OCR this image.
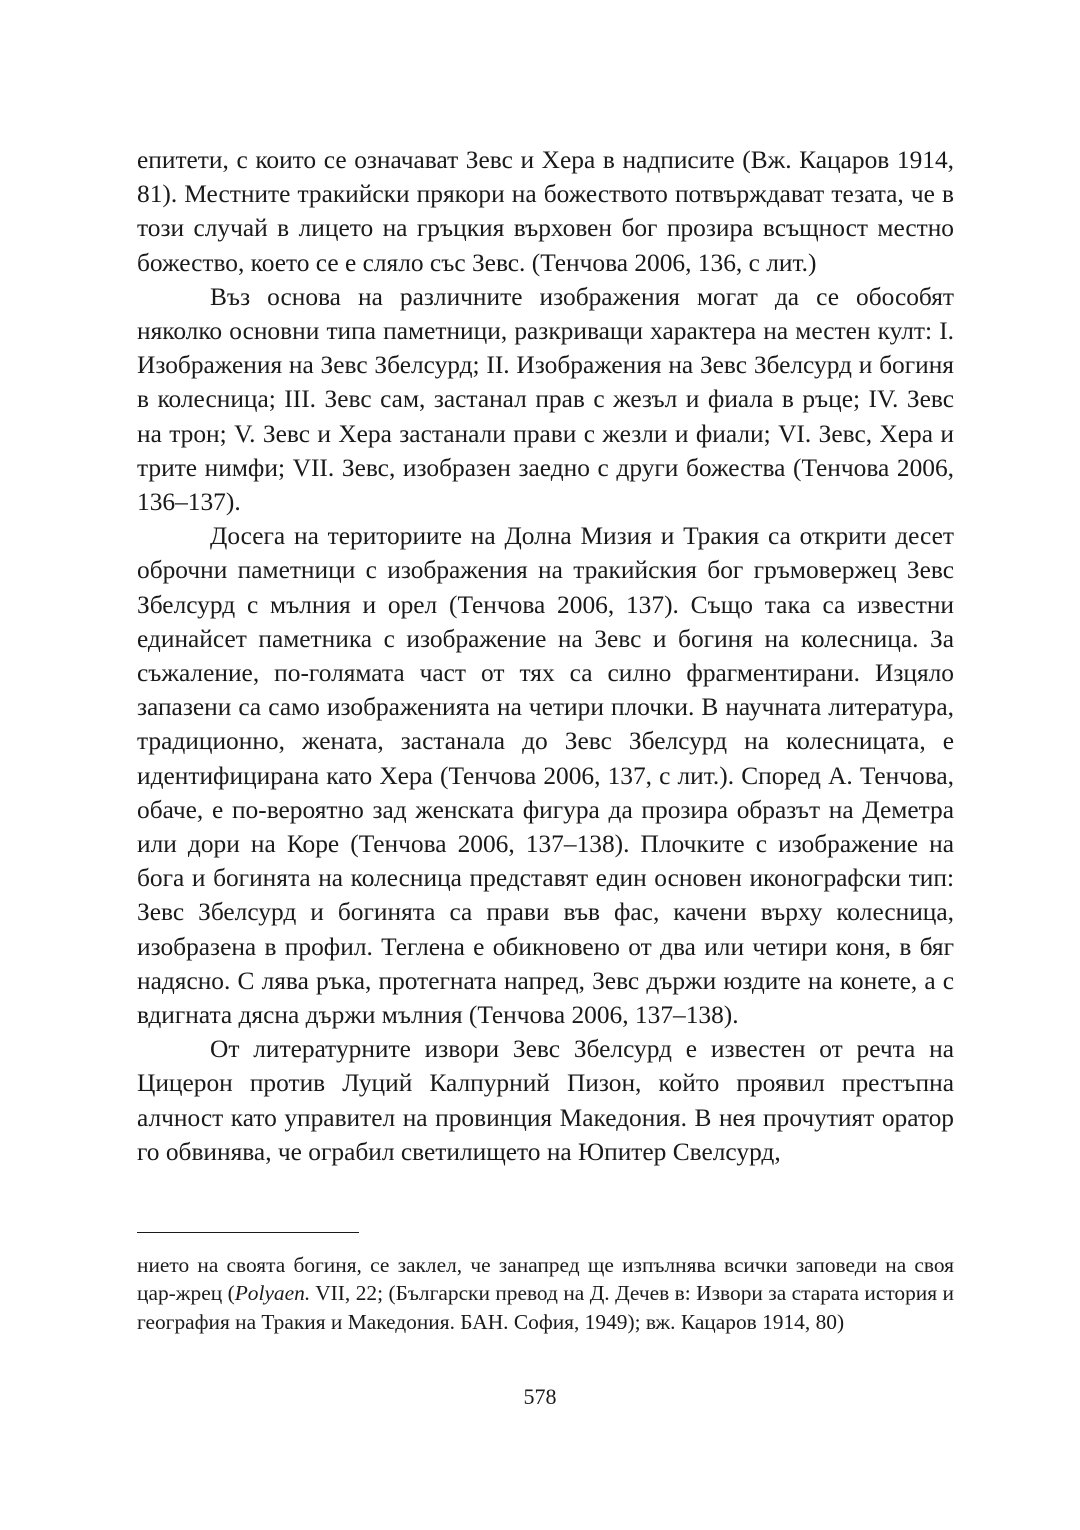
епитети, с които се означават Зевс и Хера в надписите (Вж. Кацаров 1914, 81). Местните тракийски прякори на божеството потвърждават тезата, че в този случай в лицето на гръцкия върховен бог прозира всъщност местно божество, което се е сляло със Зевс. (Тенчова 2006, 136, с лит.)

Въз основа на различните изображения могат да се обособят няколко основни типа паметници, разкриващи характера на местен култ: I. Изображения на Зевс Збелсурд; II. Изображения на Зевс Збелсурд и богиня в колесница; III. Зевс сам, застанал прав с жезъл и фиала в ръце; IV. Зевс на трон; V. Зевс и Хера застанали прави с жезли и фиали; VI. Зевс, Хера и трите нимфи; VII. Зевс, изобразен заедно с други божества (Тенчова 2006, 136–137).

Досега на териториите на Долна Мизия и Тракия са открити десет оброчни паметници с изображения на тракийския бог гръмовержец Зевс Збелсурд с мълния и орел (Тенчова 2006, 137). Също така са известни единайсет паметника с изображение на Зевс и богиня на колесница. За съжаление, по-голямата част от тях са силно фрагментирани. Изцяло запазени са само изображенията на четири плочки. В научната литература, традиционно, жената, застанала до Зевс Збелсурд на колесницата, е идентифицирана като Хера (Тенчова 2006, 137, с лит.). Според А. Тенчова, обаче, е по-вероятно зад женската фигура да прозира образът на Деметра или дори на Коре (Тенчова 2006, 137–138). Плочките с изображение на бога и богинята на колесница представят един основен иконографски тип: Зевс Збелсурд и богинята са прави във фас, качени върху колесница, изобразена в профил. Теглена е обикновено от два или четири коня, в бяг надясно. С лява ръка, протегната напред, Зевс държи юздите на конете, а с вдигната дясна държи мълния (Тенчова 2006, 137–138).

От литературните извори Зевс Збелсурд е известен от речта на Цицерон против Луций Калпурний Пизон, който проявил престъпна алчност като управител на провинция Македония. В нея прочутият оратор го обвинява, че ограбил светилището на Юпитер Свелсурд,

нието на своята богиня, се заклел, че занапред ще изпълнява всички заповеди на своя цар-жрец (Polyaen. VII, 22; (Български превод на Д. Дечев в: Извори за старата история и география на Тракия и Македония. БАН. София, 1949); вж. Кацаров 1914, 80)

578
